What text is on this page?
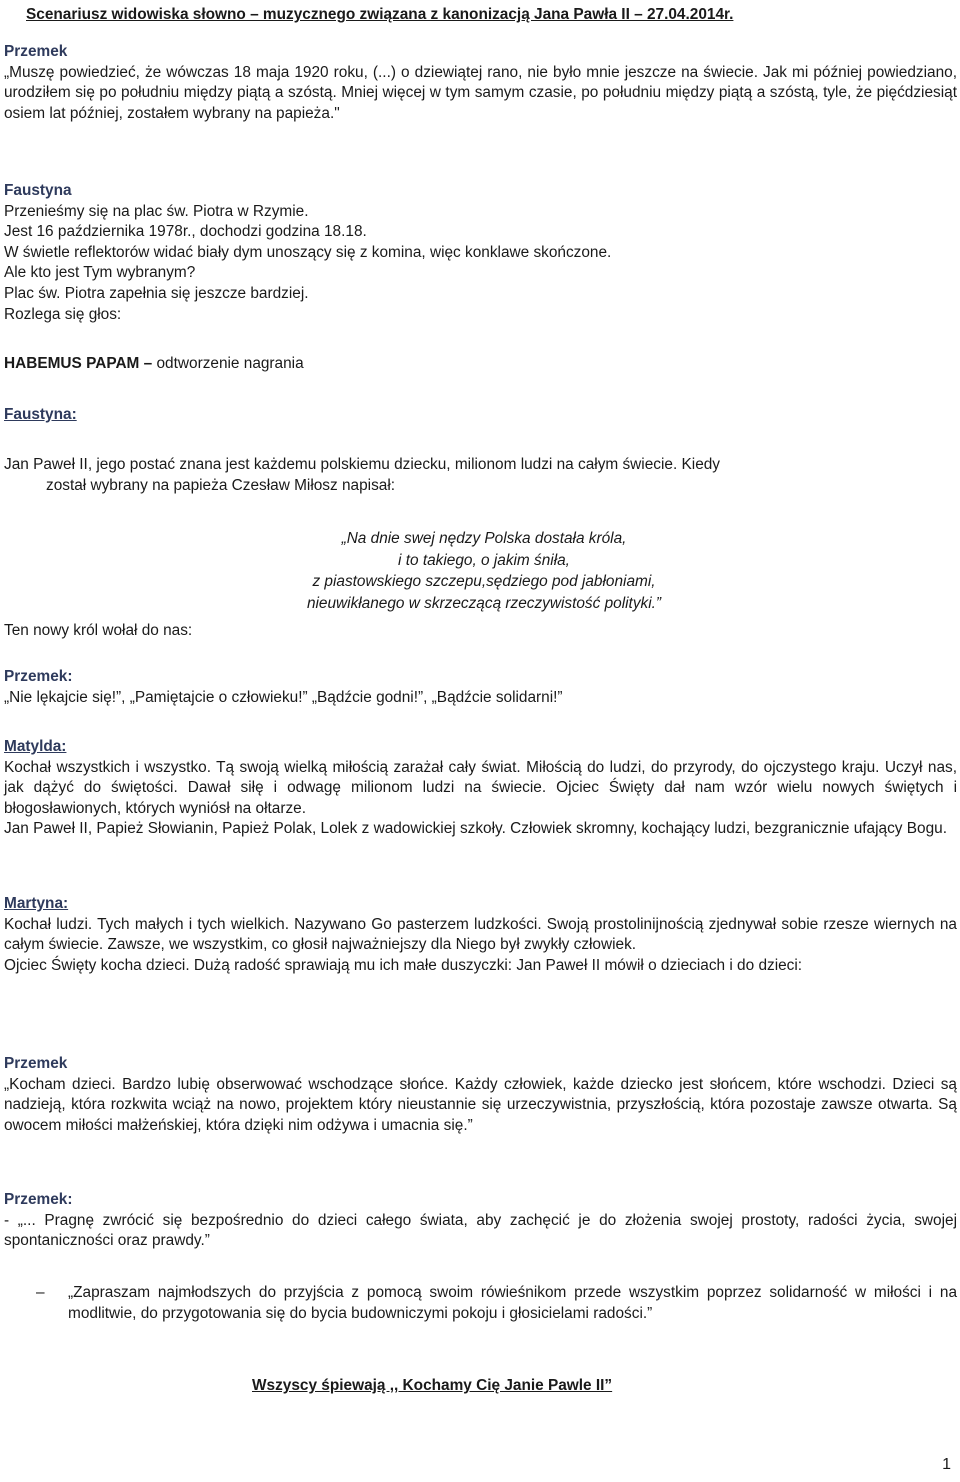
Scenariusz widowiska słowno – muzycznego związana z kanonizacją Jana Pawła II – 27.04.2014r.

Przemek

„Muszę powiedzieć, że wówczas 18 maja 1920 roku, (...) o dziewiątej rano, nie było mnie jeszcze na świecie. Jak mi później powiedziano, urodziłem się po południu między piątą a szóstą. Mniej więcej w tym samym czasie, po południu między piątą a szóstą, tyle, że pięćdziesiąt osiem lat później, zostałem wybrany na papieża."

Faustyna

Przenieśmy się na plac św. Piotra w Rzymie.

Jest 16 października 1978r., dochodzi godzina 18.18.

W świetle reflektorów widać biały dym unoszący się z komina, więc konklawe skończone.

Ale kto jest Tym wybranym?

Plac św. Piotra zapełnia się jeszcze bardziej.

Rozlega się głos:

HABEMUS PAPAM – odtworzenie nagrania

Faustyna:

Jan Paweł II, jego postać znana jest każdemu polskiemu dziecku, milionom ludzi na całym świecie. Kiedy

został wybrany na papieża Czesław Miłosz napisał:

„Na dnie swej nędzy Polska dostała króla,

i to takiego, o jakim śniła,

z piastowskiego szczepu,sędziego pod jabłoniami,

nieuwikłanego w skrzeczącą rzeczywistość polityki.”

Ten nowy król wołał do nas:

Przemek:

„Nie lękajcie się!”, „Pamiętajcie o człowieku!” „Bądźcie godni!”, „Bądźcie solidarni!”

Matylda:

Kochał wszystkich i wszystko. Tą swoją wielką miłością zarażał cały świat. Miłością do ludzi, do przyrody, do ojczystego kraju. Uczył nas, jak dążyć do świętości. Dawał siłę i odwagę milionom ludzi na świecie. Ojciec Święty dał nam wzór wielu nowych świętych i błogosławionych, których wyniósł na ołtarze.

Jan Paweł II, Papież Słowianin, Papież Polak, Lolek z wadowickiej szkoły. Człowiek skromny, kochający ludzi, bezgranicznie ufający Bogu.

Martyna:

Kochał ludzi. Tych małych i tych wielkich. Nazywano Go pasterzem ludzkości. Swoją prostolinijnością zjednywał sobie rzesze wiernych na całym świecie. Zawsze, we wszystkim, co głosił najważniejszy dla Niego był zwykły człowiek.

Ojciec Święty kocha dzieci. Dużą radość sprawiają mu ich małe duszyczki: Jan Paweł II mówił o dzieciach i do dzieci:

Przemek

„Kocham dzieci. Bardzo lubię obserwować wschodzące słońce. Każdy człowiek, każde dziecko jest słońcem, które wschodzi. Dzieci są nadzieją, która rozkwita wciąż na nowo, projektem który nieustannie się urzeczywistnia, przyszłością, która pozostaje zawsze otwarta. Są owocem miłości małżeńskiej, która dzięki nim odżywa i umacnia się.”

Przemek:

- „... Pragnę zwrócić się bezpośrednio do dzieci całego świata, aby zachęcić je do złożenia swojej prostoty, radości życia, swojej spontaniczności oraz prawdy.”

– „Zapraszam najmłodszych do przyjścia z pomocą swoim rówieśnikom przede wszystkim poprzez solidarność w miłości i na modlitwie, do przygotowania się do bycia budowniczymi pokoju i głosicielami radości.”

Wszyscy śpiewają ,, Kochamy Cię Janie Pawle II”
1
